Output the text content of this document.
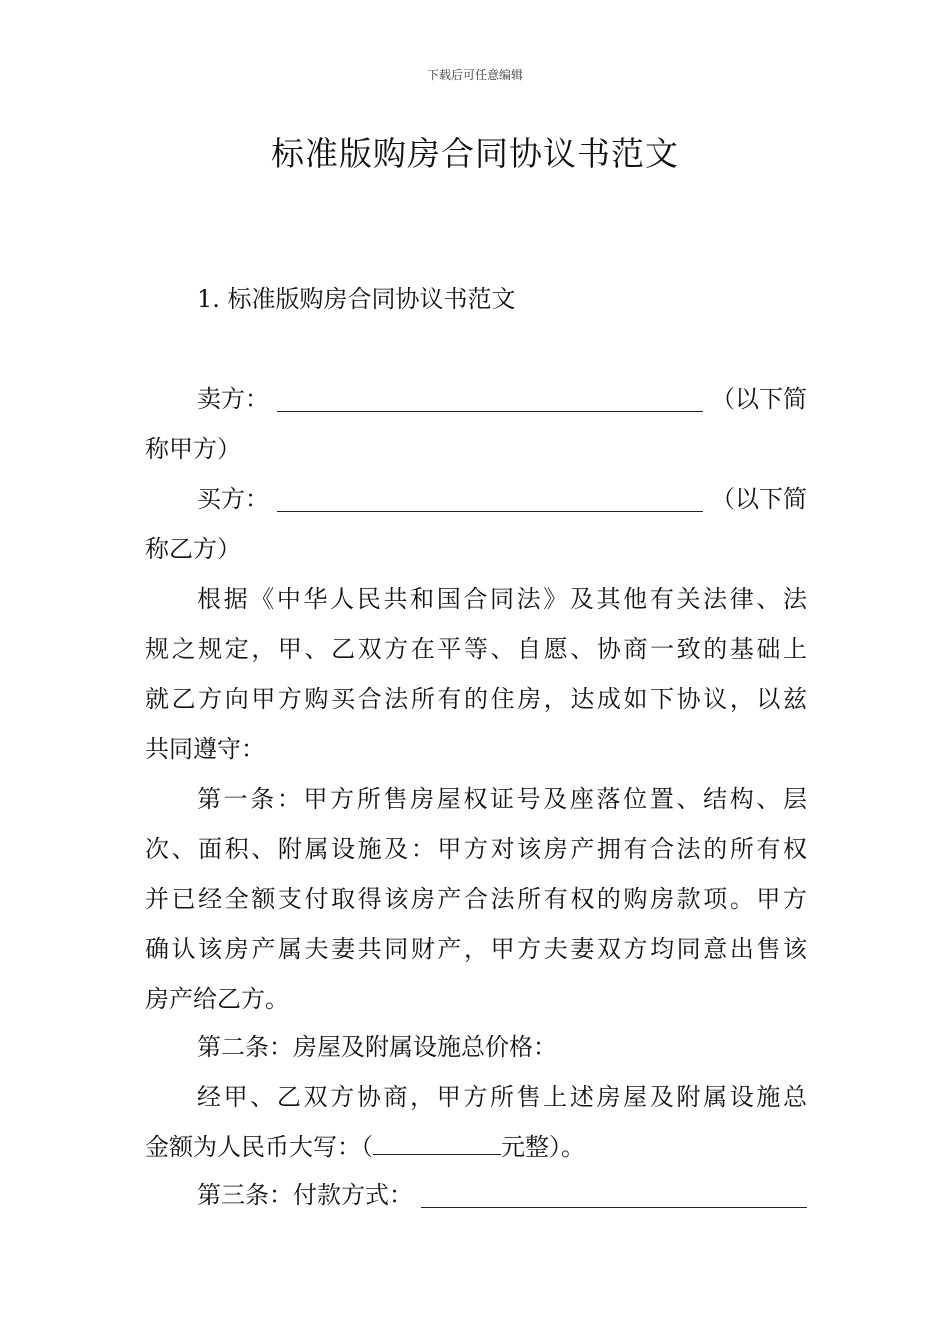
下载后可任意编辑
标准版购房合同协议书范文
1. 标准版购房合同协议书范文
卖方：	（以下简
称甲方）
买方：	（以下简
称乙方）
根据《中华人民共和国合同法》及其他有关法律、法
规之规定，甲、乙双方在平等、自愿、协商一致的基础上
就乙方向甲方购买合法所有的住房，达成如下协议，以兹
共同遵守：
第一条：甲方所售房屋权证号及座落位置、结构、层
次、面积、附属设施及：甲方对该房产拥有合法的所有权
并已经全额支付取得该房产合法所有权的购房款项。甲方
确认该房产属夫妻共同财产，甲方夫妻双方均同意出售该
房产给乙方。
第二条：房屋及附属设施总价格：
经甲、乙双方协商，甲方所售上述房屋及附属设施总
金额为人民币大写：（	元整）。
第三条：付款方式：
